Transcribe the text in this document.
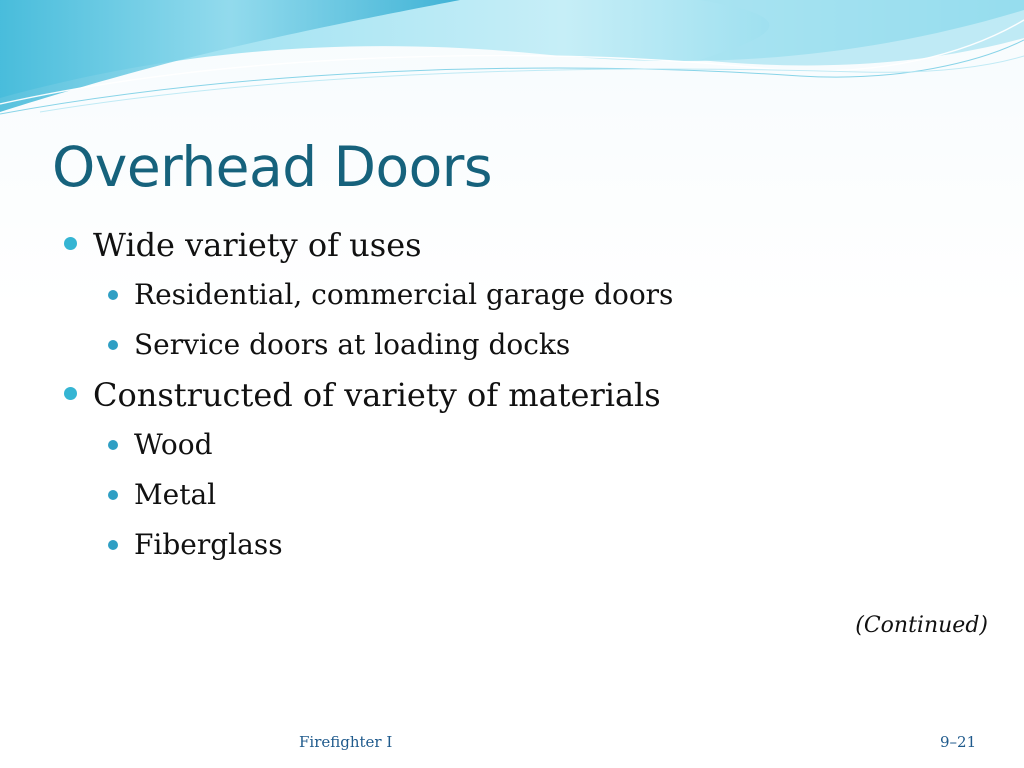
Overhead Doors
Wide variety of uses
Residential, commercial garage doors
Service doors at loading docks
Constructed of variety of materials
Wood
Metal
Fiberglass
(Continued)
Firefighter I	9–21
